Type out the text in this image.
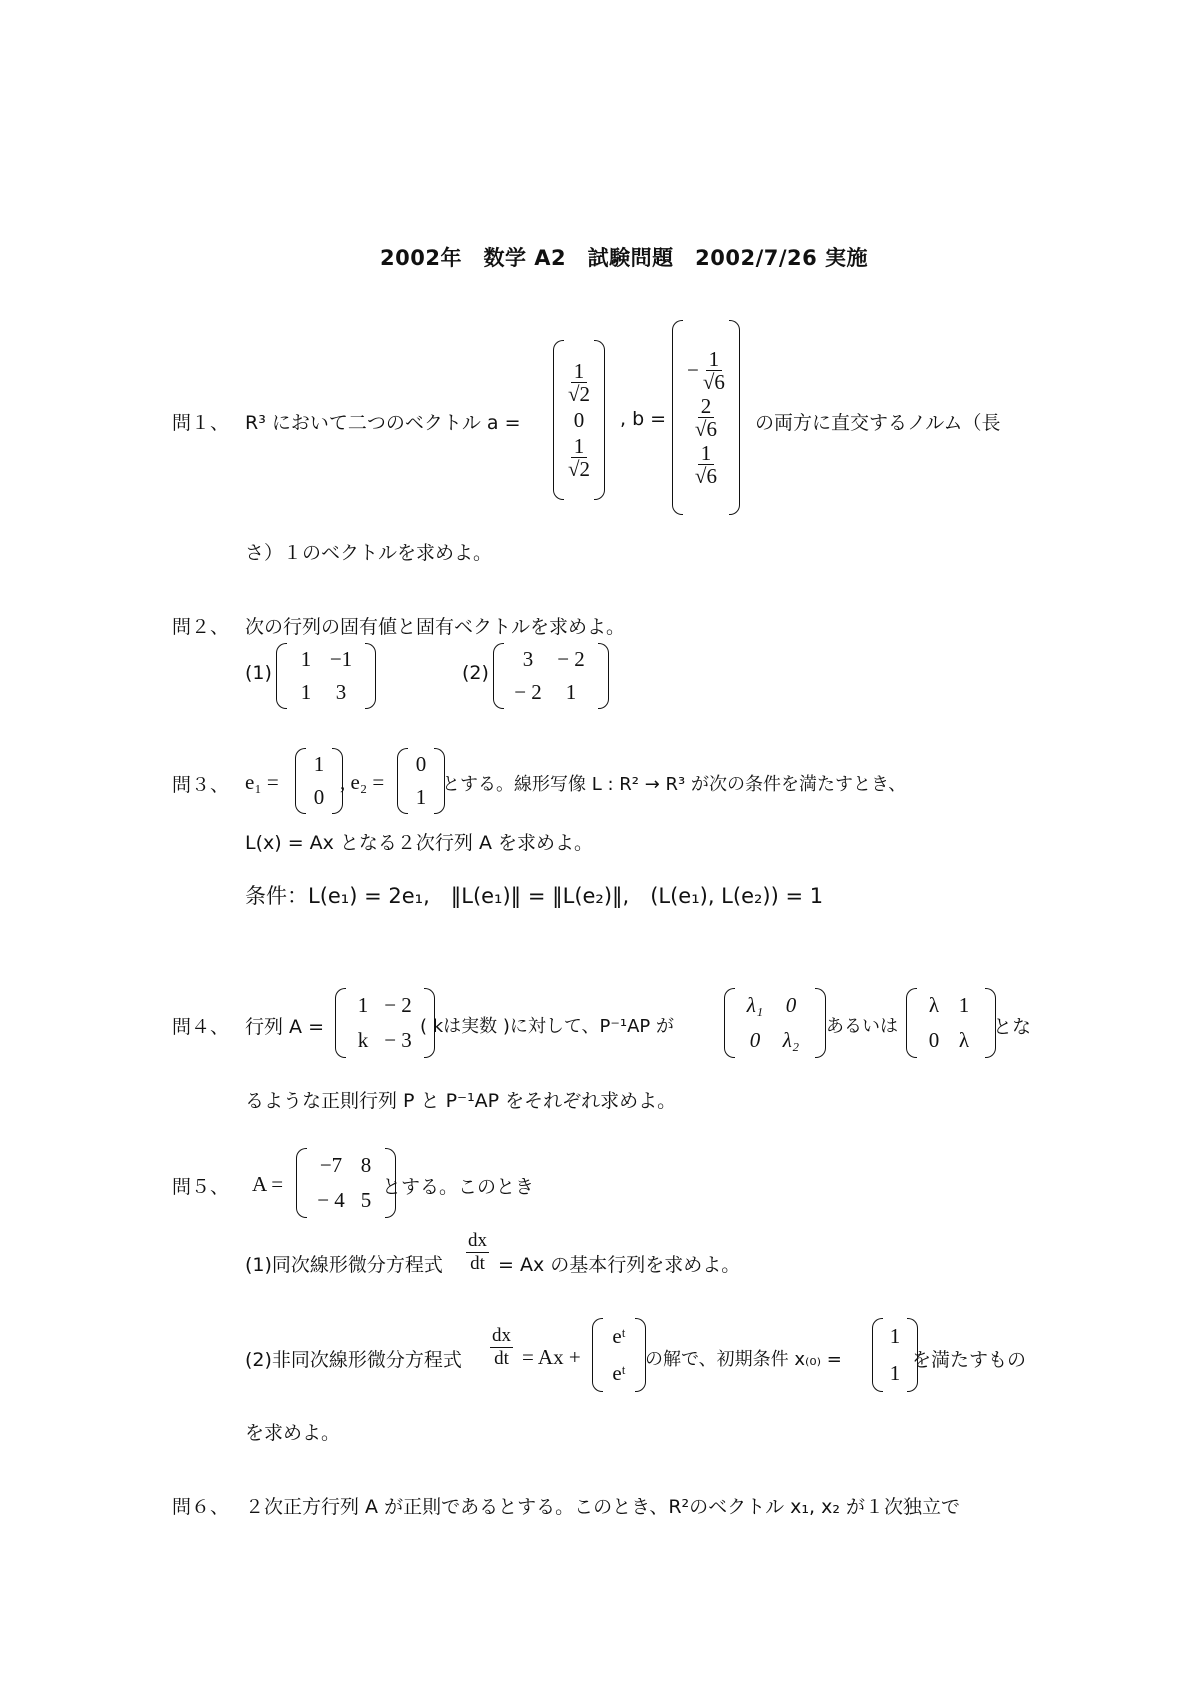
2002年　数学 A2　試験問題　2002/7/26 実施
問１、 R³ において二つのベクトル a =
$\frac{1}{√2}$
0
$\frac{1}{√2}$
, b =
− $\frac{1}{√6}$
$\frac{2}{√6}$
$\frac{1}{√6}$
の両方に直交するノルム（長
さ）１のベクトルを求めよ。
問２、 次の行列の固有値と固有ベクトルを求めよ。
(1)
1 −1
1 3
(2)
3 − 2
− 2 1
問３、 e₁ =
1
0
, e₂ =
0
1
とする。線形写像 L : R² → R³ が次の条件を満たすとき、
L(x) = Ax となる２次行列 A を求めよ。
条件：L(e₁) = 2e₁,　‖L(e₁)‖ = ‖L(e₂)‖,　(L(e₁), L(e₂)) = 1
問４、 行列 A =
1 − 2
k − 3
( kは実数 )に対して、P⁻¹AP が
λ₁ 0
0 λ₂
あるいは
λ 1
0 λ
とな
るような正則行列 P と P⁻¹AP をそれぞれ求めよ。
問５、 A =
−7 8
− 4 5
とする。このとき
(1)同次線形微分方程式
dx
dt = Ax の基本行列を求めよ。
(2)非同次線形微分方程式
dx
dt = Ax +
eᵗ
eᵗ
の解で、初期条件 x₍₀₎ =
1
1
を満たすもの
を求めよ。
問６、 ２次正方行列 A が正則であるとする。このとき、R²のベクトル x₁, x₂ が１次独立で
